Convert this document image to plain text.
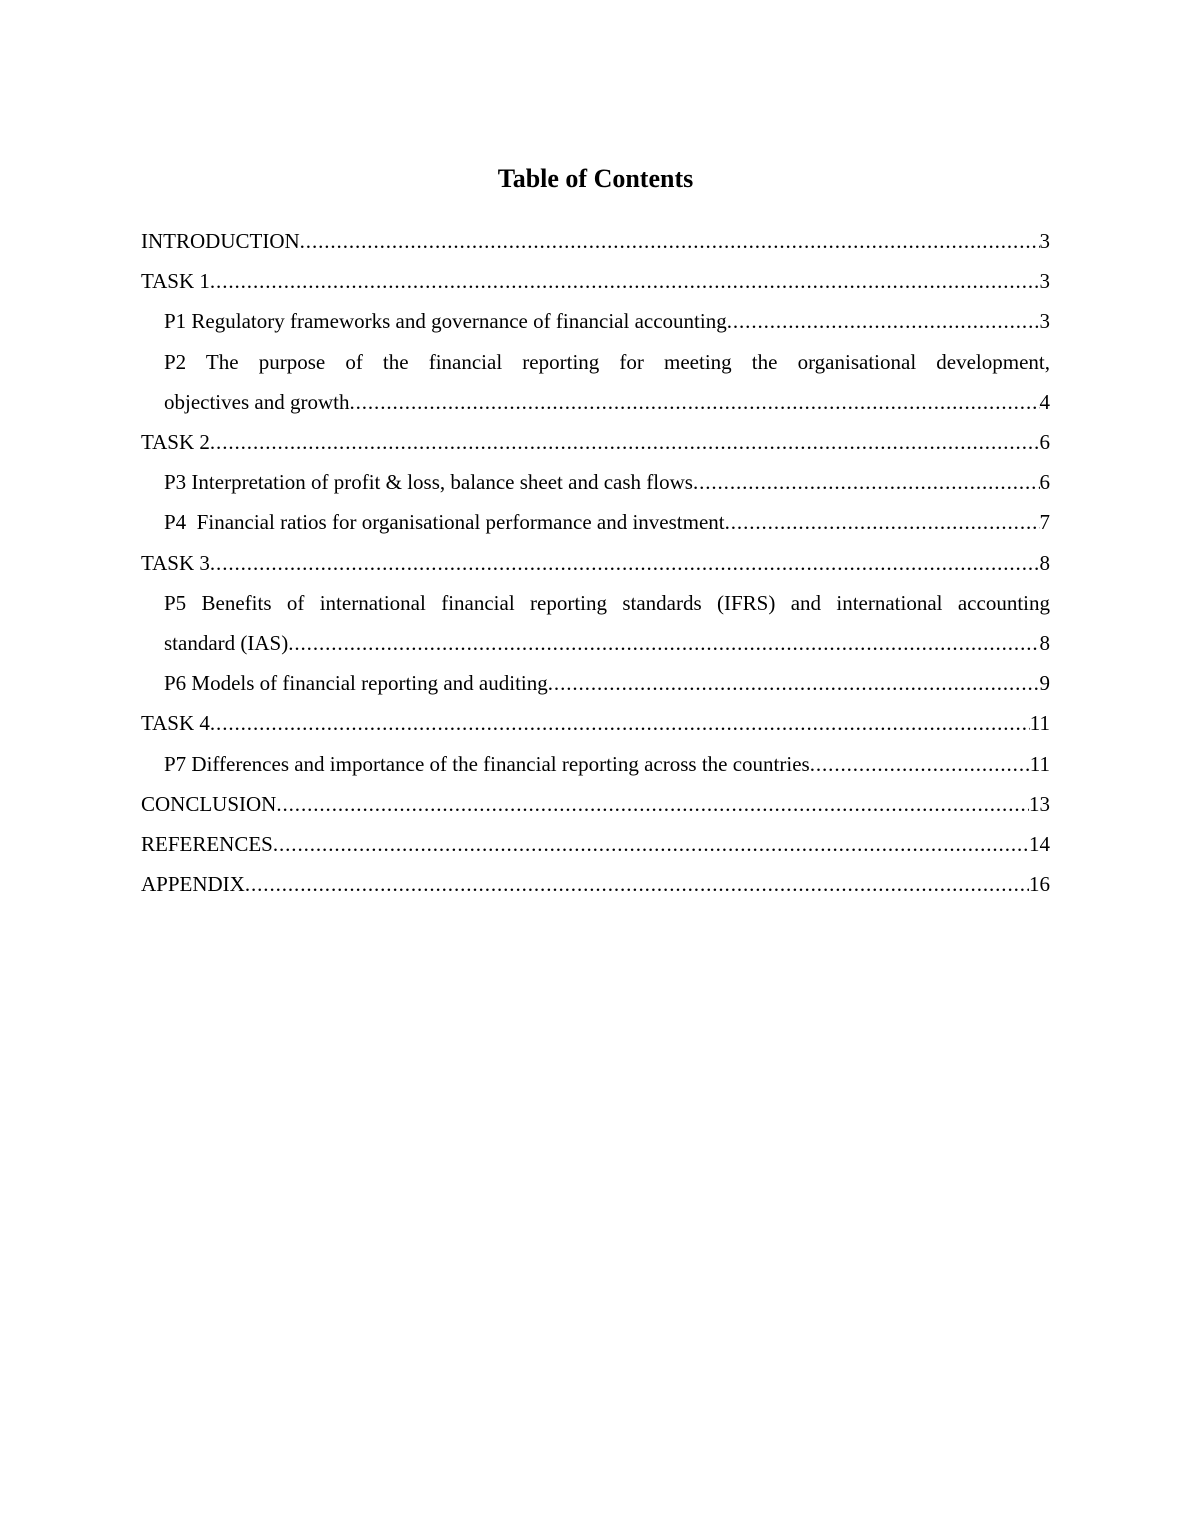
Table of Contents
INTRODUCTION .....	3
TASK 1 .....	3
P1 Regulatory frameworks and governance of financial accounting .....	3
P2 The purpose of the financial reporting for meeting the organisational development,
objectives and growth .....	4
TASK 2 .....	6
P3 Interpretation of profit & loss, balance sheet and cash flows .....	6
P4  Financial ratios for organisational performance and investment .....	7
TASK 3 .....	8
P5 Benefits of international financial reporting standards (IFRS) and international accounting
standard (IAS) .....	8
P6 Models of financial reporting and auditing .....	9
TASK 4 .....	11
P7 Differences and importance of the financial reporting across the countries .....	11
CONCLUSION .....	13
REFERENCES .....	14
APPENDIX .....	16
